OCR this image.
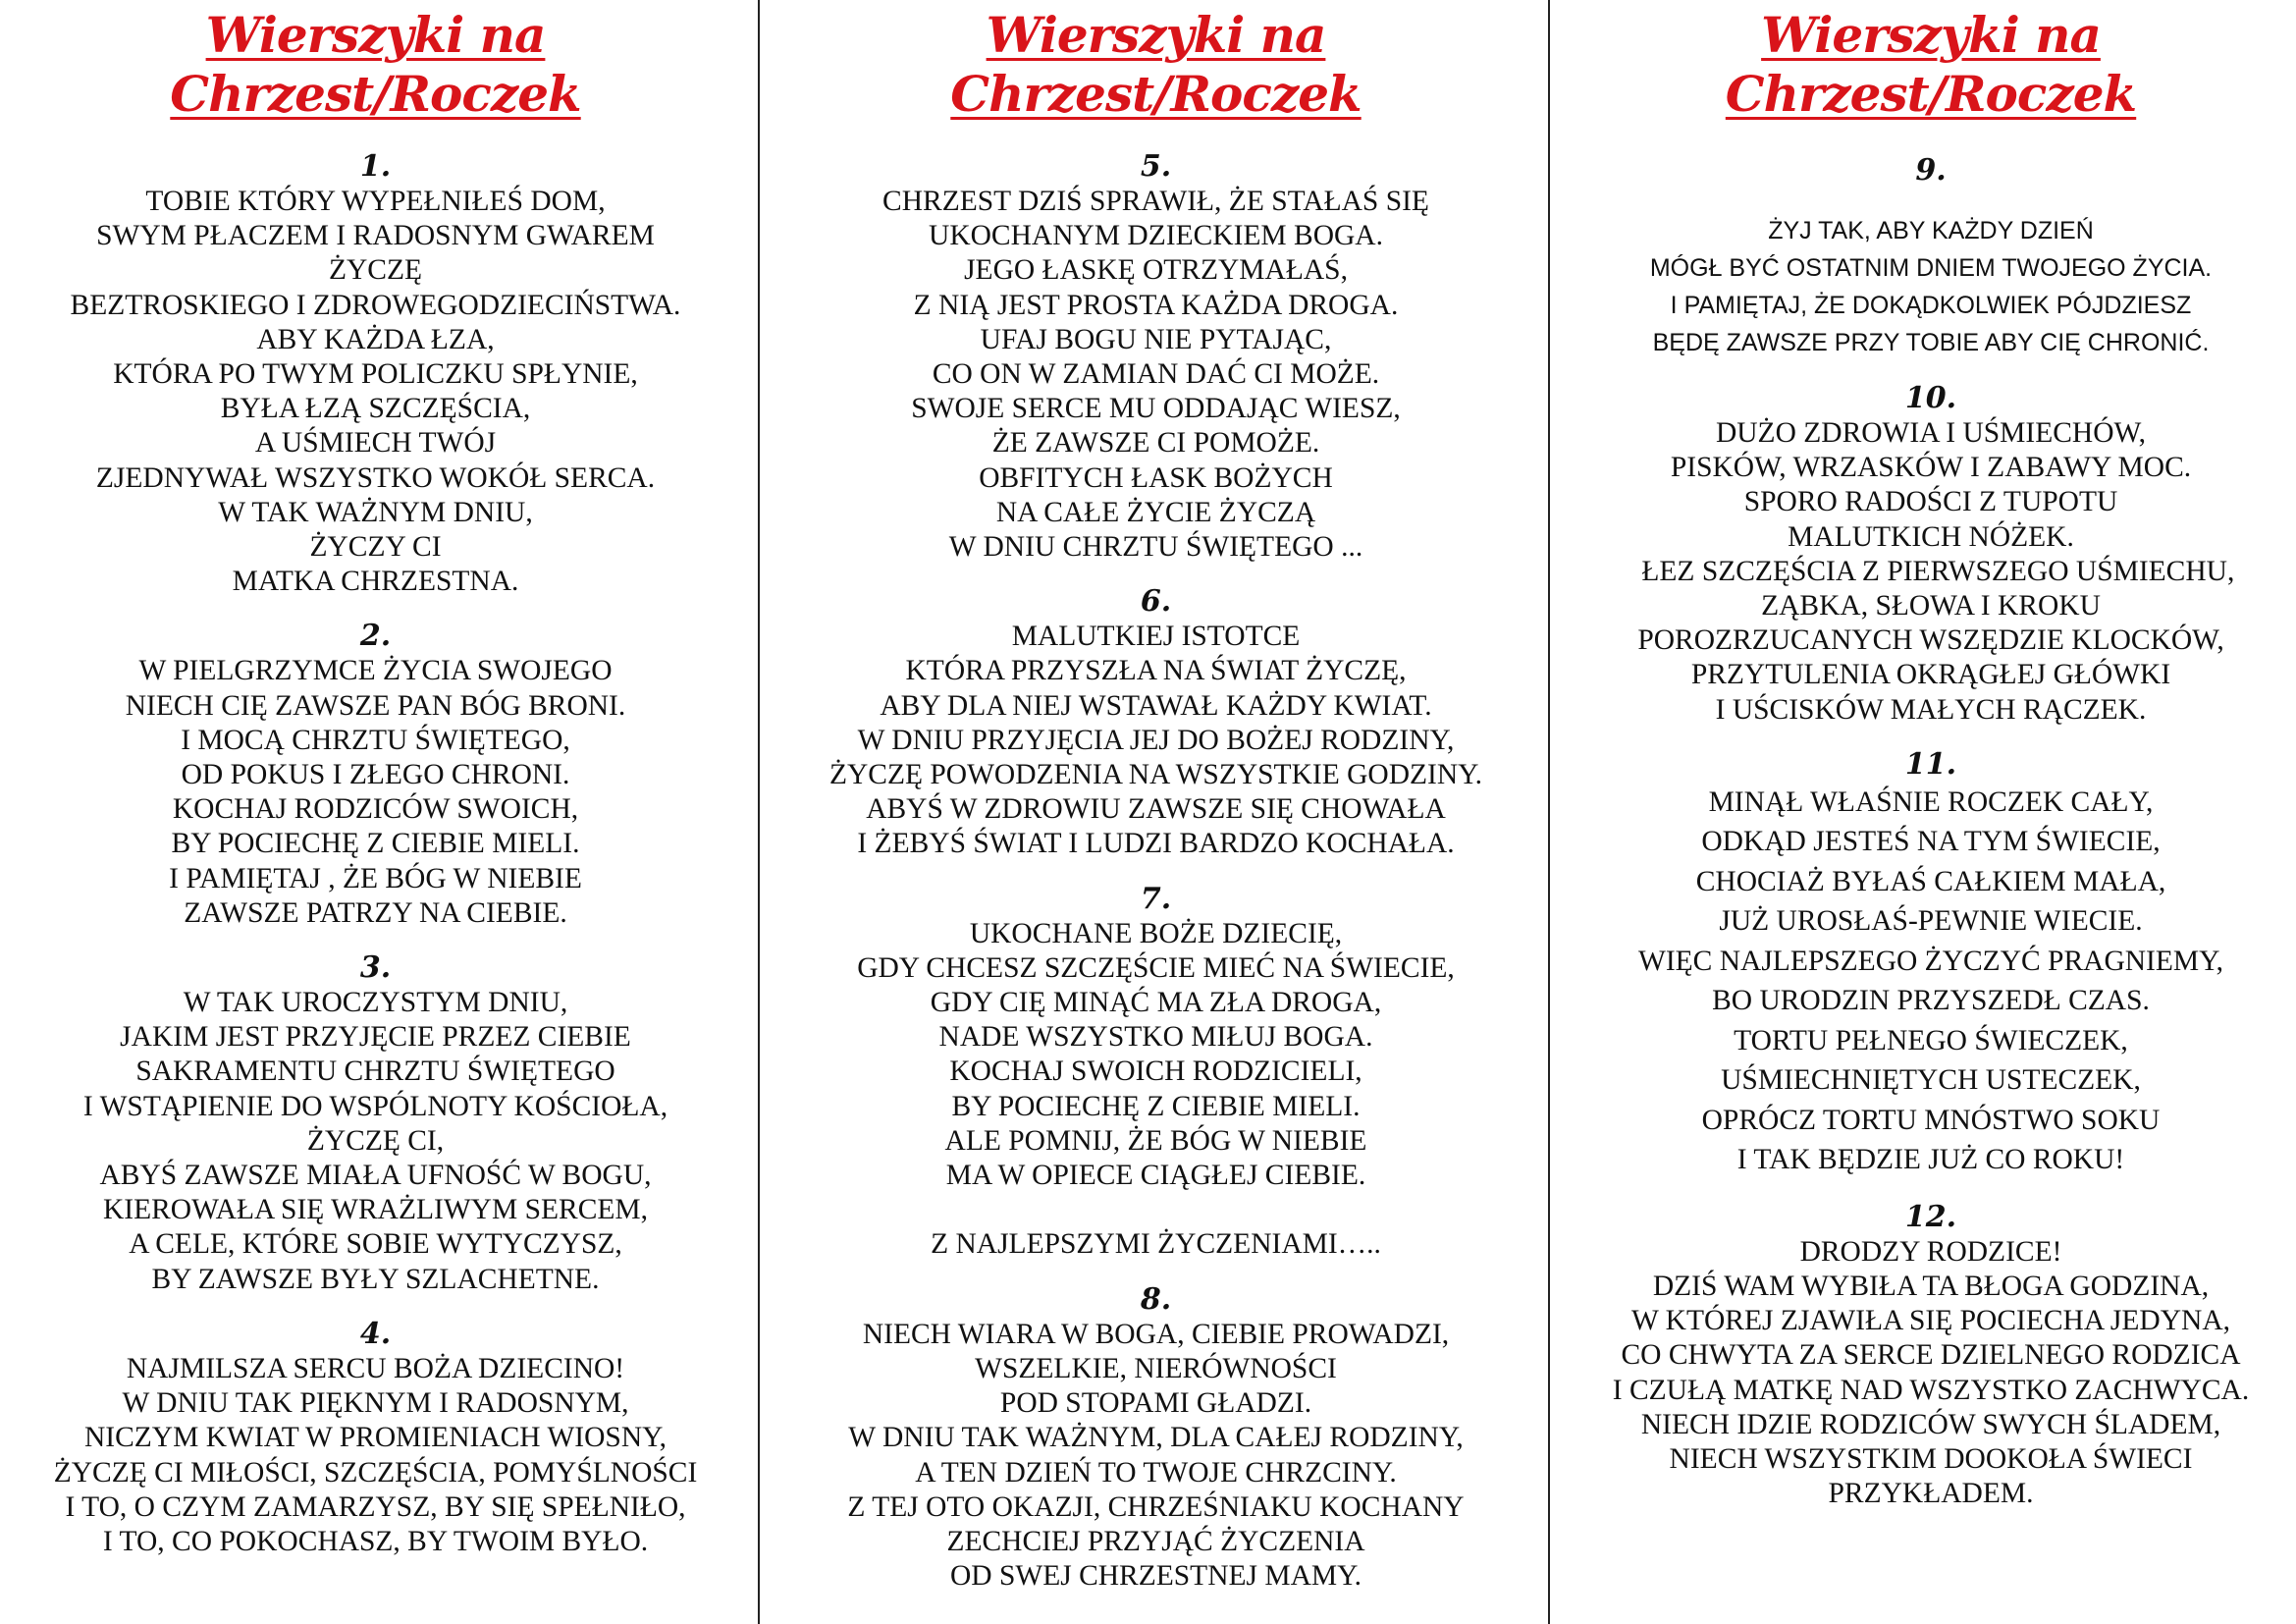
Wierszyki na Chrzest/Roczek
1.
TOBIE KTÓRY WYPEŁNIŁEŚ DOM,
SWYM PŁACZEM I RADOSNYM GWAREM
ŻYCZĘ
BEZTROSKIEGO I ZDROWEGODZIECIŃSTWA.
ABY KAŻDA ŁZA,
KTÓRA PO TWYM POLICZKU SPŁYNIE,
BYŁA ŁZĄ SZCZĘŚCIA,
A UŚMIECH TWÓJ
ZJEDNYWAŁ WSZYSTKO WOKÓŁ SERCA.
W TAK WAŻNYM DNIU,
ŻYCZY CI
MATKA CHRZESTNA.
2.
W PIELGRZYMCE ŻYCIA SWOJEGO
NIECH CIĘ ZAWSZE PAN BÓG BRONI.
I MOCĄ CHRZTU ŚWIĘTEGO,
OD POKUS I ZŁEGO CHRONI.
KOCHAJ RODZICÓW SWOICH,
BY POCIECHĘ Z CIEBIE MIELI.
I PAMIĘTAJ , ŻE BÓG W NIEBIE
ZAWSZE PATRZY NA CIEBIE.
3.
W TAK UROCZYSTYM DNIU,
JAKIM JEST PRZYJĘCIE PRZEZ CIEBIE
SAKRAMENTU CHRZTU ŚWIĘTEGO
I WSTĄPIENIE DO WSPÓLNOTY KOŚCIOŁA,
ŻYCZĘ CI,
ABYŚ ZAWSZE MIAŁA UFNOŚĆ W BOGU,
KIEROWAŁA SIĘ WRAŻLIWYM SERCEM,
A CELE, KTÓRE SOBIE WYTYCZYSZ,
BY ZAWSZE BYŁY SZLACHETNE.
4.
NAJMILSZA SERCU BOŻA DZIECINO!
W DNIU TAK PIĘKNYM I RADOSNYM,
NICZYM KWIAT W PROMIENIACH WIOSNY,
ŻYCZĘ CI MIŁOŚCI, SZCZĘŚCIA, POMYŚLNOŚCI
I TO, O CZYM ZAMARZYSZ, BY SIĘ SPEŁNIŁO,
I TO, CO POKOCHASZ, BY TWOIM BYŁO.
Wierszyki na Chrzest/Roczek
5.
CHRZEST DZIŚ SPRAWIŁ, ŻE STAŁAŚ SIĘ
UKOCHANYM DZIECKIEM BOGA.
JEGO ŁASKĘ OTRZYMAŁAŚ,
Z NIĄ JEST PROSTA KAŻDA DROGA.
UFAJ BOGU NIE PYTAJĄC,
CO ON W ZAMIAN DAĆ CI MOŻE.
SWOJE SERCE MU ODDAJĄC WIESZ,
ŻE ZAWSZE CI POMOŻE.
OBFITYCH ŁASK BOŻYCH
NA CAŁE ŻYCIE ŻYCZĄ
W DNIU CHRZTU ŚWIĘTEGO ...
6.
MALUTKIEJ ISTOTCE
KTÓRA PRZYSZŁA NA ŚWIAT ŻYCZĘ,
ABY DLA NIEJ WSTAWAŁ KAŻDY KWIAT.
W DNIU PRZYJĘCIA JEJ DO BOŻEJ RODZINY,
ŻYCZĘ POWODZENIA NA WSZYSTKIE GODZINY.
ABYŚ W ZDROWIU ZAWSZE SIĘ CHOWAŁA
I ŻEBYŚ ŚWIAT I LUDZI BARDZO KOCHAŁA.
7.
UKOCHANE BOŻE DZIECIĘ,
GDY CHCESZ SZCZĘŚCIE MIEĆ NA ŚWIECIE,
GDY CIĘ MINĄĆ MA ZŁA DROGA,
NADE WSZYSTKO MIŁUJ BOGA.
KOCHAJ SWOICH RODZICIELI,
BY POCIECHĘ Z CIEBIE MIELI.
ALE POMNIJ, ŻE BÓG W NIEBIE
MA W OPIECE CIĄGŁEJ CIEBIE.

Z NAJLEPSZYMI ŻYCZENIAMI…..
8.
NIECH WIARA W BOGA, CIEBIE PROWADZI,
WSZELKIE, NIERÓWNOŚCI
POD STOPAMI GŁADZI.
W DNIU TAK WAŻNYM, DLA CAŁEJ RODZINY,
A TEN DZIEŃ TO TWOJE CHRZCINY.
Z TEJ OTO OKAZJI, CHRZEŚNIAKU KOCHANY
ZECHCIEJ PRZYJĄĆ ŻYCZENIA
OD SWEJ CHRZESTNEJ MAMY.
Wierszyki na Chrzest/Roczek
9.
ŻYJ TAK, ABY KAŻDY DZIEŃ
MÓGŁ BYĆ OSTATNIM DNIEM TWOJEGO ŻYCIA.
I PAMIĘTAJ, ŻE DOKĄDKOLWIEK PÓJDZIESZ
BĘDĘ ZAWSZE PRZY TOBIE ABY CIĘ CHRONIĆ.
10.
DUŻO ZDROWIA I UŚMIECHÓW,
PISKÓW, WRZASKÓW I ZABAWY MOC.
SPORO RADOŚCI Z TUPOTU
MALUTKICH NÓŻEK.
ŁEZ SZCZĘŚCIA Z PIERWSZEGO UŚMIECHU,
ZĄBKA, SŁOWA I KROKU
POROZRZUCANYCH WSZĘDZIE KLOCKÓW,
PRZYTULENIA OKRĄGŁEJ GŁÓWKI
I UŚCISKÓW MAŁYCH RĄCZEK.
11.
MINĄŁ WŁAŚNIE ROCZEK CAŁY,
ODKĄD JESTEŚ NA TYM ŚWIECIE,
CHOCIAŻ BYŁAŚ CAŁKIEM MAŁA,
JUŻ UROSŁAŚ-PEWNIE WIECIE.
WIĘC NAJLEPSZEGO ŻYCZYĆ PRAGNIEMY,
BO URODZIN PRZYSZEDŁ CZAS.
TORTU PEŁNEGO ŚWIECZEK,
UŚMIECHNIĘTYCH USTECZEK,
OPRÓCZ TORTU MNÓSTWO SOKU
I TAK BĘDZIE JUŻ CO ROKU!
12.
DRODZY RODZICE!
DZIŚ WAM WYBIŁA TA BŁOGA GODZINA,
W KTÓREJ ZJAWIŁA SIĘ POCIECHA JEDYNA,
CO CHWYTA ZA SERCE DZIELNEGO RODZICA
I CZUŁĄ MATKĘ NAD WSZYSTKO ZACHWYCA.
NIECH IDZIE RODZICÓW SWYCH ŚLADEM,
NIECH WSZYSTKIM DOOKOŁA ŚWIECI
PRZYKŁADEM.
